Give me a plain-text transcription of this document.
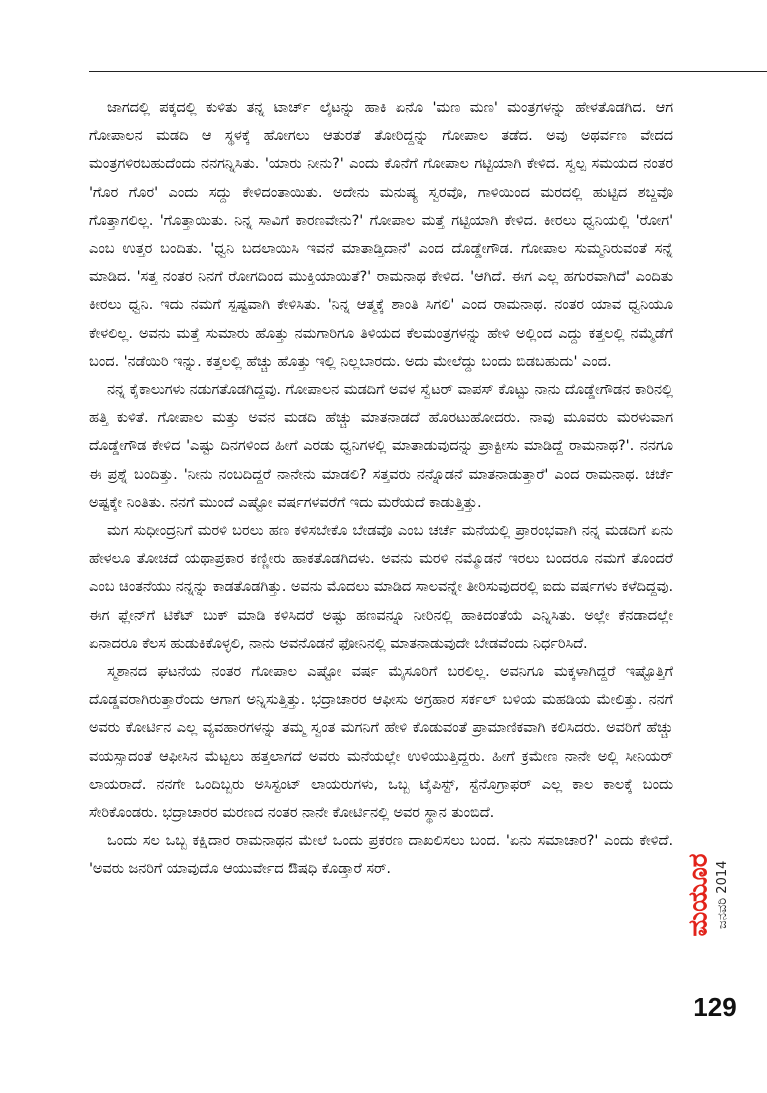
ಜಾಗದಲ್ಲಿ ಪಕ್ಕದಲ್ಲಿ ಕುಳಿತು ತನ್ನ ಟಾರ್ಚ್ ಲೈಟನ್ನು ಹಾಕಿ ಏನೊ 'ಮಣ ಮಣ' ಮಂತ್ರಗಳನ್ನು ಹೇಳತೊಡಗಿದ. ಆಗ ಗೋಪಾಲನ ಮಡದಿ ಆ ಸ್ಥಳಕ್ಕೆ ಹೋಗಲು ಆತುರತೆ ತೋರಿದ್ದನ್ನು ಗೋಪಾಲ ತಡೆದ. ಅವು ಅಥರ್ವಣ ವೇದದ ಮಂತ್ರಗಳಿರಬಹುದೆಂದು ನನಗನ್ನಿಸಿತು. 'ಯಾರು ನೀನು?' ಎಂದು ಕೊನೆಗೆ ಗೋಪಾಲ ಗಟ್ಟಿಯಾಗಿ ಕೇಳಿದ. ಸ್ವಲ್ಪ ಸಮಯದ ನಂತರ 'ಗೊರ ಗೊರ' ಎಂದು ಸದ್ದು ಕೇಳಿದಂತಾಯಿತು. ಅದೇನು ಮನುಷ್ಯ ಸ್ವರವೊ, ಗಾಳಿಯಿಂದ ಮರದಲ್ಲಿ ಹುಟ್ಟಿದ ಶಬ್ದವೊ ಗೊತ್ತಾಗಲಿಲ್ಲ. 'ಗೊತ್ತಾಯಿತು. ನಿನ್ನ ಸಾವಿಗೆ ಕಾರಣವೇನು?' ಗೋಪಾಲ ಮತ್ತೆ ಗಟ್ಟಿಯಾಗಿ ಕೇಳಿದ. ಕೀರಲು ಧ್ವನಿಯಲ್ಲಿ 'ರೋಗ' ಎಂಬ ಉತ್ತರ ಬಂದಿತು. 'ಧ್ವನಿ ಬದಲಾಯಿಸಿ ಇವನೆ ಮಾತಾಡ್ತಿದಾನೆ' ಎಂದ ದೊಡ್ಡೇಗೌಡ. ಗೋಪಾಲ ಸುಮ್ಮನಿರುವಂತೆ ಸನ್ನೆ ಮಾಡಿದ. 'ಸತ್ತ ನಂತರ ನಿನಗೆ ರೋಗದಿಂದ ಮುಕ್ತಿಯಾಯಿತೆ?' ರಾಮನಾಥ ಕೇಳಿದ. 'ಆಗಿದೆ. ಈಗ ಎಲ್ಲ ಹಗುರವಾಗಿದೆ' ಎಂದಿತು ಕೀರಲು ಧ್ವನಿ. ಇದು ನಮಗೆ ಸ್ಪಷ್ಟವಾಗಿ ಕೇಳಿಸಿತು. 'ನಿನ್ನ ಆತ್ಮಕ್ಕೆ ಶಾಂತಿ ಸಿಗಲಿ' ಎಂದ ರಾಮನಾಥ. ನಂತರ ಯಾವ ಧ್ವನಿಯೂ ಕೇಳಲಿಲ್ಲ. ಅವನು ಮತ್ತೆ ಸುಮಾರು ಹೊತ್ತು ನಮಗಾರಿಗೂ ತಿಳಿಯದ ಕೆಲಮಂತ್ರಗಳನ್ನು ಹೇಳಿ ಅಲ್ಲಿಂದ ಎದ್ದು ಕತ್ತಲಲ್ಲಿ ನಮ್ಮೆಡೆಗೆ ಬಂದ. 'ನಡೆಯಿರಿ ಇನ್ನು. ಕತ್ತಲಲ್ಲಿ ಹೆಚ್ಚು ಹೊತ್ತು ಇಲ್ಲಿ ನಿಲ್ಲಬಾರದು. ಅದು ಮೇಲೆದ್ದು ಬಂದು ಬಿಡಬಹುದು' ಎಂದ.

ನನ್ನ ಕೈಕಾಲುಗಳು ನಡುಗತೊಡಗಿದ್ದವು. ಗೋಪಾಲನ ಮಡದಿಗೆ ಅವಳ ಸ್ವೆಟರ್ ವಾಪಸ್ ಕೊಟ್ಟು ನಾನು ದೊಡ್ಡೇಗೌಡನ ಕಾರಿನಲ್ಲಿ ಹತ್ತಿ ಕುಳಿತೆ. ಗೋಪಾಲ ಮತ್ತು ಅವನ ಮಡದಿ ಹೆಚ್ಚು ಮಾತನಾಡದೆ ಹೊರಟುಹೋದರು. ನಾವು ಮೂವರು ಮರಳುವಾಗ ದೊಡ್ಡೇಗೌಡ ಕೇಳಿದ 'ಎಷ್ಟು ದಿನಗಳಿಂದ ಹೀಗೆ ಎರಡು ಧ್ವನಿಗಳಲ್ಲಿ ಮಾತಾಡುವುದನ್ನು ಪ್ರಾಕ್ಟೀಸು ಮಾಡಿದ್ದೆ ರಾಮನಾಥ?'. ನನಗೂ ಈ ಪ್ರಶ್ನೆ ಬಂದಿತ್ತು. 'ನೀನು ನಂಬದಿದ್ದರೆ ನಾನೇನು ಮಾಡಲಿ? ಸತ್ತವರು ನನ್ನೊಡನೆ ಮಾತನಾಡುತ್ತಾರೆ' ಎಂದ ರಾಮನಾಥ. ಚರ್ಚೆ ಅಷ್ಟಕ್ಕೇ ನಿಂತಿತು. ನನಗೆ ಮುಂದೆ ಎಷ್ಟೋ ವರ್ಷಗಳವರೆಗೆ ಇದು ಮರೆಯದೆ ಕಾಡುತ್ತಿತ್ತು.

ಮಗ ಸುಧೀಂದ್ರನಿಗೆ ಮರಳಿ ಬರಲು ಹಣ ಕಳಿಸಬೇಕೊ ಬೇಡವೊ ಎಂಬ ಚರ್ಚೆ ಮನೆಯಲ್ಲಿ ಪ್ರಾರಂಭವಾಗಿ ನನ್ನ ಮಡದಿಗೆ ಏನು ಹೇಳಲೂ ತೋಚದೆ ಯಥಾಪ್ರಕಾರ ಕಣ್ಣೀರು ಹಾಕತೊಡಗಿದಳು. ಅವನು ಮರಳಿ ನಮ್ಮೊಡನೆ ಇರಲು ಬಂದರೂ ನಮಗೆ ತೊಂದರೆ ಎಂಬ ಚಿಂತನೆಯು ನನ್ನನ್ನು ಕಾಡತೊಡಗಿತ್ತು. ಅವನು ಮೊದಲು ಮಾಡಿದ ಸಾಲವನ್ನೇ ತೀರಿಸುವುದರಲ್ಲಿ ಐದು ವರ್ಷಗಳು ಕಳೆದಿದ್ದವು. ಈಗ ಫ್ಲೇನ್‌ಗೆ ಟಿಕೆಟ್ ಬುಕ್ ಮಾಡಿ ಕಳಿಸಿದರೆ ಅಷ್ಟು ಹಣವನ್ನೂ ನೀರಿನಲ್ಲಿ ಹಾಕಿದಂತೆಯೆ ಎನ್ನಿಸಿತು. ಅಲ್ಲೇ ಕೆನಡಾದಲ್ಲೇ ಏನಾದರೂ ಕೆಲಸ ಹುಡುಕಿಕೊಳ್ಳಲಿ, ನಾನು ಅವನೊಡನೆ ಫೋನಿನಲ್ಲಿ ಮಾತನಾಡುವುದೇ ಬೇಡವೆಂದು ನಿರ್ಧರಿಸಿದೆ.

ಸ್ಮಶಾನದ ಘಟನೆಯ ನಂತರ ಗೋಪಾಲ ಎಷ್ಟೋ ವರ್ಷ ಮೈಸೂರಿಗೆ ಬರಲಿಲ್ಲ. ಅವನಿಗೂ ಮಕ್ಕಳಾಗಿದ್ದರೆ ಇಷ್ಟೊತ್ತಿಗೆ ದೊಡ್ಡವರಾಗಿರುತ್ತಾರೆಂದು ಆಗಾಗ ಅನ್ನಿಸುತ್ತಿತ್ತು. ಭದ್ರಾಚಾರರ ಆಫೀಸು ಅಗ್ರಹಾರ ಸರ್ಕಲ್ ಬಳಿಯ ಮಹಡಿಯ ಮೇಲಿತ್ತು. ನನಗೆ ಅವರು ಕೋರ್ಟಿನ ಎಲ್ಲ ವ್ಯವಹಾರಗಳನ್ನು ತಮ್ಮ ಸ್ವಂತ ಮಗನಿಗೆ ಹೇಳಿ ಕೊಡುವಂತೆ ಪ್ರಾಮಾಣಿಕವಾಗಿ ಕಲಿಸಿದರು. ಅವರಿಗೆ ಹೆಚ್ಚು ವಯಸ್ಸಾದಂತೆ ಆಫೀಸಿನ ಮೆಟ್ಟಲು ಹತ್ತಲಾಗದೆ ಅವರು ಮನೆಯಲ್ಲೇ ಉಳಿಯುತ್ತಿದ್ದರು. ಹೀಗೆ ಕ್ರಮೇಣ ನಾನೇ ಅಲ್ಲಿ ಸೀನಿಯರ್ ಲಾಯರಾದೆ. ನನಗೇ ಒಂದಿಬ್ಬರು ಅಸಿಸ್ಟಂಟ್ ಲಾಯರುಗಳು, ಒಬ್ಬ ಟೈಪಿಸ್ಟ್, ಸ್ಟೆನೊಗ್ರಾಫರ್ ಎಲ್ಲ ಕಾಲ ಕಾಲಕ್ಕೆ ಬಂದು ಸೇರಿಕೊಂಡರು. ಭದ್ರಾಚಾರರ ಮರಣದ ನಂತರ ನಾನೇ ಕೋರ್ಟಿನಲ್ಲಿ ಅವರ ಸ್ಥಾನ ತುಂಬಿದೆ.

ಒಂದು ಸಲ ಒಬ್ಬ ಕಕ್ಷಿದಾರ ರಾಮನಾಥನ ಮೇಲೆ ಒಂದು ಪ್ರಕರಣ ದಾಖಲಿಸಲು ಬಂದ. 'ಏನು ಸಮಾಚಾರ?' ಎಂದು ಕೇಳಿದೆ. 'ಅವರು ಜನರಿಗೆ ಯಾವುದೊ ಆಯುರ್ವೇದ ಔಷಧಿ ಕೊಡ್ತಾರೆ ಸರ್.	ಮಯೂರ ಜನವರಿ 2014
129
